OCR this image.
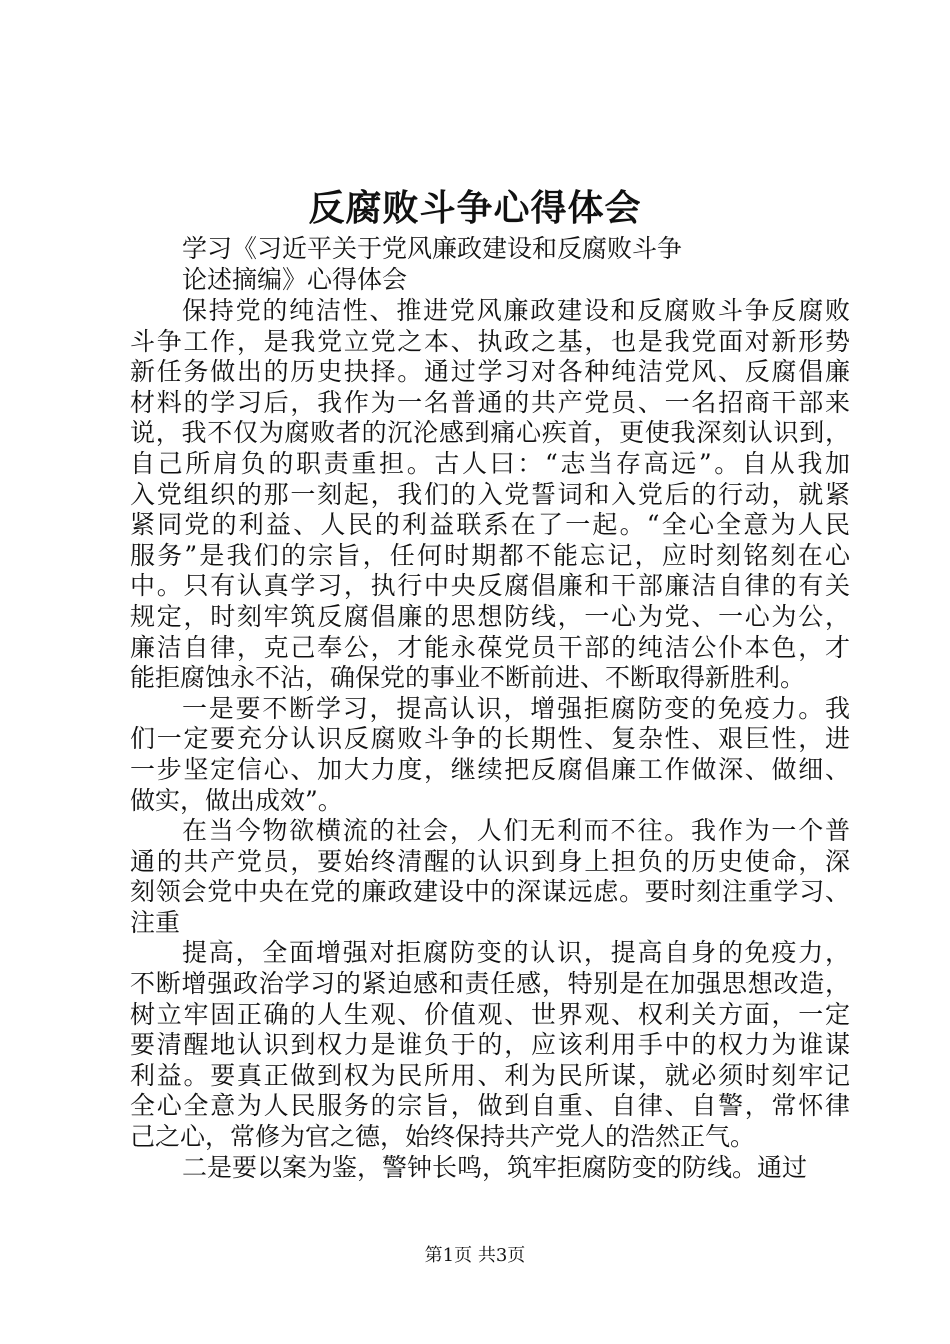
反腐败斗争心得体会
学习《习近平关于党风廉政建设和反腐败斗争
论述摘编》心得体会

保持党的纯洁性、推进党风廉政建设和反腐败斗争反腐败
斗争工作，是我党立党之本、执政之基，也是我党面对新形势
新任务做出的历史抉择。通过学习对各种纯洁党风、反腐倡廉
材料的学习后，我作为一名普通的共产党员、一名招商干部来
说，我不仅为腐败者的沉沦感到痛心疾首，更使我深刻认识到，
自己所肩负的职责重担。古人曰：“志当存高远”。自从我加
入党组织的那一刻起，我们的入党誓词和入党后的行动，就紧
紧同党的利益、人民的利益联系在了一起。“全心全意为人民
服务”是我们的宗旨，任何时期都不能忘记，应时刻铭刻在心
中。只有认真学习，执行中央反腐倡廉和干部廉洁自律的有关
规定，时刻牢筑反腐倡廉的思想防线，一心为党、一心为公，
廉洁自律，克己奉公，才能永葆党员干部的纯洁公仆本色，才
能拒腐蚀永不沾，确保党的事业不断前进、不断取得新胜利。

一是要不断学习，提高认识，增强拒腐防变的免疫力。我
们一定要充分认识反腐败斗争的长期性、复杂性、艰巨性，进
一步坚定信心、加大力度，继续把反腐倡廉工作做深、做细、
做实，做出成效”。

在当今物欲横流的社会，人们无利而不往。我作为一个普
通的共产党员，要始终清醒的认识到身上担负的历史使命，深
刻领会党中央在党的廉政建设中的深谋远虑。要时刻注重学习、
注重

提高，全面增强对拒腐防变的认识，提高自身的免疫力，
不断增强政治学习的紧迫感和责任感，特别是在加强思想改造，
树立牢固正确的人生观、价值观、世界观、权利关方面，一定
要清醒地认识到权力是谁负于的，应该利用手中的权力为谁谋
利益。要真正做到权为民所用、利为民所谋，就必须时刻牢记
全心全意为人民服务的宗旨，做到自重、自律、自警，常怀律
己之心，常修为官之德，始终保持共产党人的浩然正气。

二是要以案为鉴，警钟长鸣，筑牢拒腐防变的防线。通过

第1页 共3页
